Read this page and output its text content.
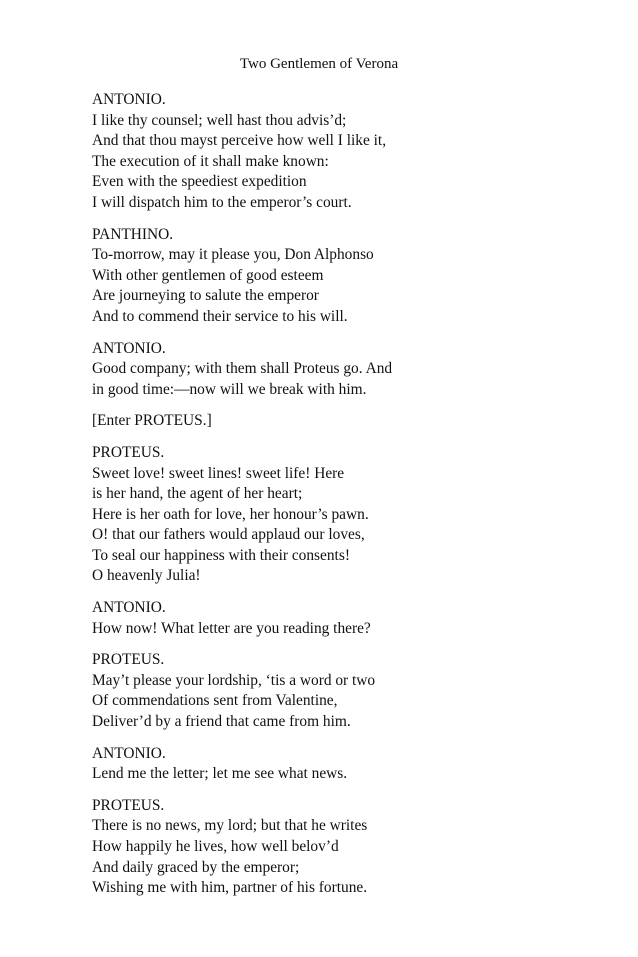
Two Gentlemen of Verona
ANTONIO.
I like thy counsel; well hast thou advis’d;
And that thou mayst perceive how well I like it,
The execution of it shall make known:
Even with the speediest expedition
I will dispatch him to the emperor’s court.
PANTHINO.
To-morrow, may it please you, Don Alphonso
With other gentlemen of good esteem
Are journeying to salute the emperor
And to commend their service to his will.
ANTONIO.
Good company; with them shall Proteus go. And
in good time:—now will we break with him.
[Enter PROTEUS.]
PROTEUS.
Sweet love! sweet lines! sweet life! Here
is her hand, the agent of her heart;
Here is her oath for love, her honour’s pawn.
O! that our fathers would applaud our loves,
To seal our happiness with their consents!
O heavenly Julia!
ANTONIO.
How now! What letter are you reading there?
PROTEUS.
May’t please your lordship, ‘tis a word or two
Of commendations sent from Valentine,
Deliver’d by a friend that came from him.
ANTONIO.
Lend me the letter; let me see what news.
PROTEUS.
There is no news, my lord; but that he writes
How happily he lives, how well belov’d
And daily graced by the emperor;
Wishing me with him, partner of his fortune.
